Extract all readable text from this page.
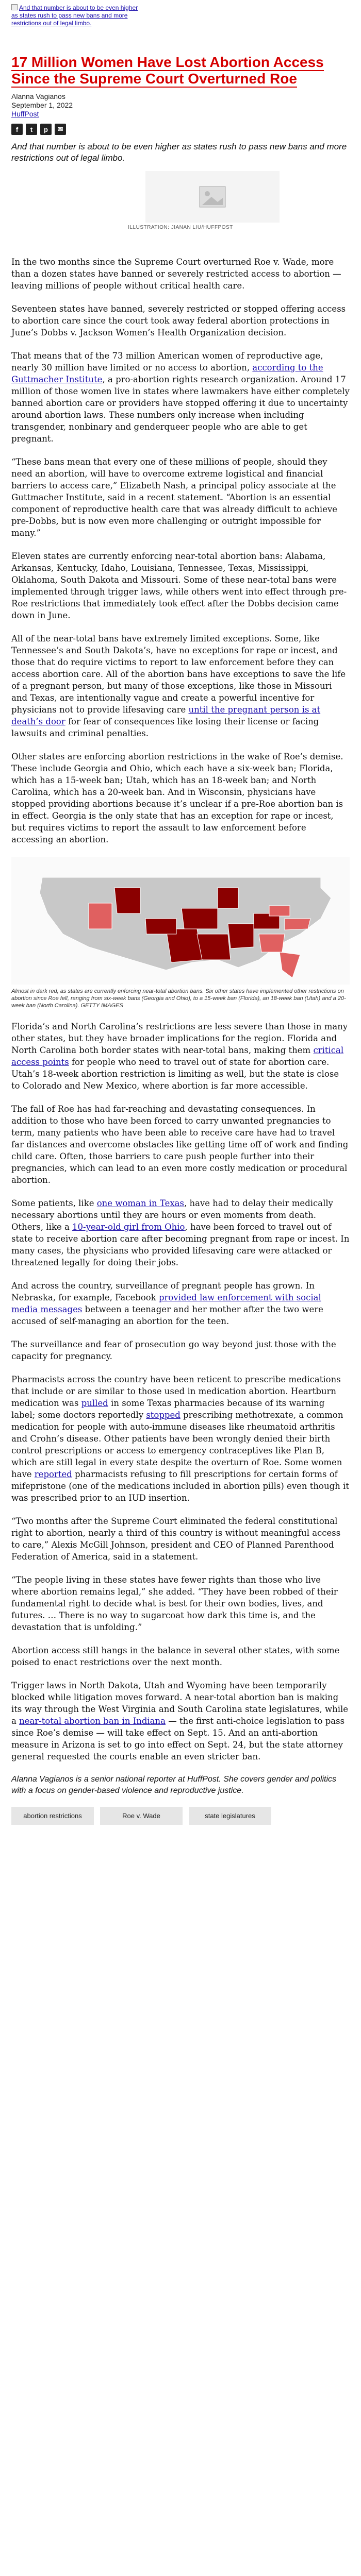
And that number is about to be even higher as states rush to pass new bans and more restrictions out of legal limbo.
17 Million Women Have Lost Abortion Access Since the Supreme Court Overturned Roe
Alanna Vagianos
September 1, 2022
HuffPost
f	t	p	✉
And that number is about to be even higher as states rush to pass new bans and more restrictions out of legal limbo.
ILLUSTRATION: JIANAN LIU/HUFFPOST

In the two months since the Supreme Court overturned Roe v. Wade, more than a dozen states have banned or severely restricted access to abortion — leaving millions of people without critical health care.

Seventeen states have banned, severely restricted or stopped offering access to abortion care since the court took away federal abortion protections in June’s Dobbs v. Jackson Women’s Health Organization decision.

That means that of the 73 million American women of reproductive age, nearly 30 million have limited or no access to abortion, according to the Guttmacher Institute, a pro-abortion rights research organization. Around 17 million of those women live in states where lawmakers have either completely banned abortion care or providers have stopped offering it due to uncertainty around abortion laws. These numbers only increase when including transgender, nonbinary and genderqueer people who are able to get pregnant.

“These bans mean that every one of these millions of people, should they need an abortion, will have to overcome extreme logistical and financial barriers to access care,” Elizabeth Nash, a principal policy associate at the Guttmacher Institute, said in a recent statement. “Abortion is an essential component of reproductive health care that was already difficult to achieve pre-Dobbs, but is now even more challenging or outright impossible for many.”

Eleven states are currently enforcing near-total abortion bans: Alabama, Arkansas, Kentucky, Idaho, Louisiana, Tennessee, Texas, Mississippi, Oklahoma, South Dakota and Missouri. Some of these near-total bans were implemented through trigger laws, while others went into effect through pre-Roe restrictions that immediately took effect after the Dobbs decision came down in June.

All of the near-total bans have extremely limited exceptions. Some, like Tennessee’s and South Dakota’s, have no exceptions for rape or incest, and those that do require victims to report to law enforcement before they can access abortion care. All of the abortion bans have exceptions to save the life of a pregnant person, but many of those exceptions, like those in Missouri and Texas, are intentionally vague and create a powerful incentive for physicians not to provide lifesaving care until the pregnant person is at death’s door for fear of consequences like losing their license or facing lawsuits and criminal penalties.

Other states are enforcing abortion restrictions in the wake of Roe’s demise. These include Georgia and Ohio, which each have a six-week ban; Florida, which has a 15-week ban; Utah, which has an 18-week ban; and North Carolina, which has a 20-week ban. And in Wisconsin, physicians have stopped providing abortions because it’s unclear if a pre-Roe abortion ban is in effect. Georgia is the only state that has an exception for rape or incest, but requires victims to report the assault to law enforcement before accessing an abortion.

Almost in dark red, as states are currently enforcing near-total abortion bans. Six other states have implemented other restrictions on abortion since Roe fell, ranging from six-week bans (Georgia and Ohio), to a 15-week ban (Florida), an 18-week ban (Utah) and a 20-week ban (North Carolina). GETTY IMAGES

Florida’s and North Carolina’s restrictions are less severe than those in many other states, but they have broader implications for the region. Florida and North Carolina both border states with near-total bans, making them critical access points for people who need to travel out of state for abortion care. Utah’s 18-week abortion restriction is limiting as well, but the state is close to Colorado and New Mexico, where abortion is far more accessible.

The fall of Roe has had far-reaching and devastating consequences. In addition to those who have been forced to carry unwanted pregnancies to term, many patients who have been able to receive care have had to travel far distances and overcome obstacles like getting time off of work and finding child care. Often, those barriers to care push people further into their pregnancies, which can lead to an even more costly medication or procedural abortion.

Some patients, like one woman in Texas, have had to delay their medically necessary abortions until they are hours or even moments from death. Others, like a 10-year-old girl from Ohio, have been forced to travel out of state to receive abortion care after becoming pregnant from rape or incest. In many cases, the physicians who provided lifesaving care were attacked or threatened legally for doing their jobs.

And across the country, surveillance of pregnant people has grown. In Nebraska, for example, Facebook provided law enforcement with social media messages between a teenager and her mother after the two were accused of self-managing an abortion for the teen.

The surveillance and fear of prosecution go way beyond just those with the capacity for pregnancy.

Pharmacists across the country have been reticent to prescribe medications that include or are similar to those used in medication abortion. Heartburn medication was pulled in some Texas pharmacies because of its warning label; some doctors reportedly stopped prescribing methotrexate, a common medication for people with auto-immune diseases like rheumatoid arthritis and Crohn’s disease. Other patients have been wrongly denied their birth control prescriptions or access to emergency contraceptives like Plan B, which are still legal in every state despite the overturn of Roe. Some women have reported pharmacists refusing to fill prescriptions for certain forms of mifepristone (one of the medications included in abortion pills) even though it was prescribed prior to an IUD insertion.

“Two months after the Supreme Court eliminated the federal constitutional right to abortion, nearly a third of this country is without meaningful access to care,” Alexis McGill Johnson, president and CEO of Planned Parenthood Federation of America, said in a statement.

“The people living in these states have fewer rights than those who live where abortion remains legal,” she added. “They have been robbed of their fundamental right to decide what is best for their own bodies, lives, and futures. … There is no way to sugarcoat how dark this time is, and the devastation that is unfolding.”

Abortion access still hangs in the balance in several other states, with some poised to enact restrictions over the next month.

Trigger laws in North Dakota, Utah and Wyoming have been temporarily blocked while litigation moves forward. A near-total abortion ban is making its way through the West Virginia and South Carolina state legislatures, while a near-total abortion ban in Indiana — the first anti-choice legislation to pass since Roe’s demise — will take effect on Sept. 15. And an anti-abortion measure in Arizona is set to go into effect on Sept. 24, but the state attorney general requested the courts enable an even stricter ban.

Alanna Vagianos is a senior national reporter at HuffPost. She covers gender and politics with a focus on gender-based violence and reproductive justice.
abortion restrictions	Roe v. Wade	state legislatures
